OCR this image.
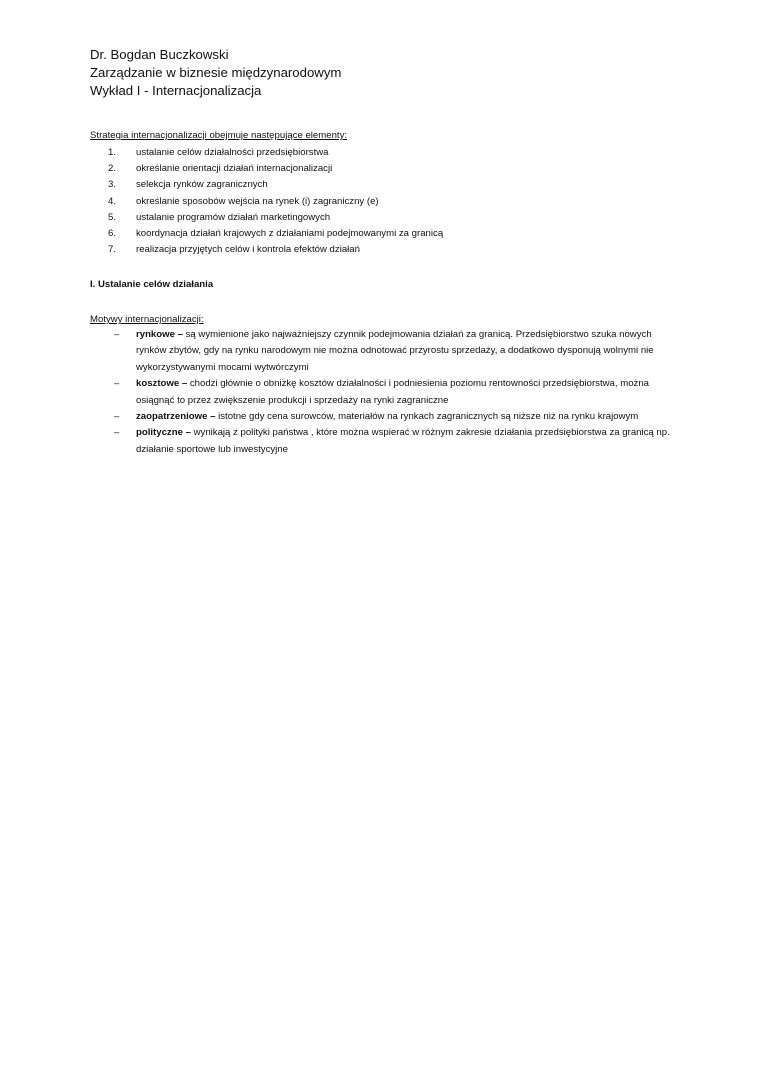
Dr. Bogdan Buczkowski
Zarządzanie w biznesie międzynarodowym
Wykład I - Internacjonalizacja
Strategia internacjonalizacji obejmuje następujące elementy:
1.	ustalanie celów działalności przedsiębiorstwa
2.	określanie orientacji działań internacjonalizacji
3.	selekcja rynków zagranicznych
4.	określanie sposobów wejścia na rynek (i) zagraniczny (e)
5.	ustalanie programów działań marketingowych
6.	koordynacja działań krajowych z działaniami podejmowanymi za granicą
7.	realizacja przyjętych celów i kontrola efektów działań
I. Ustalanie celów działania
Motywy internacjonalizacji:
–	rynkowe – są wymienione jako najważniejszy czynnik podejmowania działań za granicą. Przedsiębiorstwo szuka nowych rynków zbytów, gdy na rynku narodowym nie można odnotować przyrostu sprzedaży, a dodatkowo dysponują wolnymi nie wykorzystywanymi mocami wytwórczymi
–	kosztowe – chodzi głównie o obniżkę kosztów działalności i podniesienia poziomu rentowności przedsiębiorstwa, można osiągnąć to przez zwiększenie produkcji i sprzedaży na rynki zagraniczne
–	zaopatrzeniowe – istotne gdy cena surowców, materiałów na rynkach zagranicznych są niższe niż na rynku krajowym
–	polityczne – wynikają z polityki państwa , które można wspierać w różnym zakresie działania przedsiębiorstwa za granicą np. działanie sportowe lub inwestycyjne
